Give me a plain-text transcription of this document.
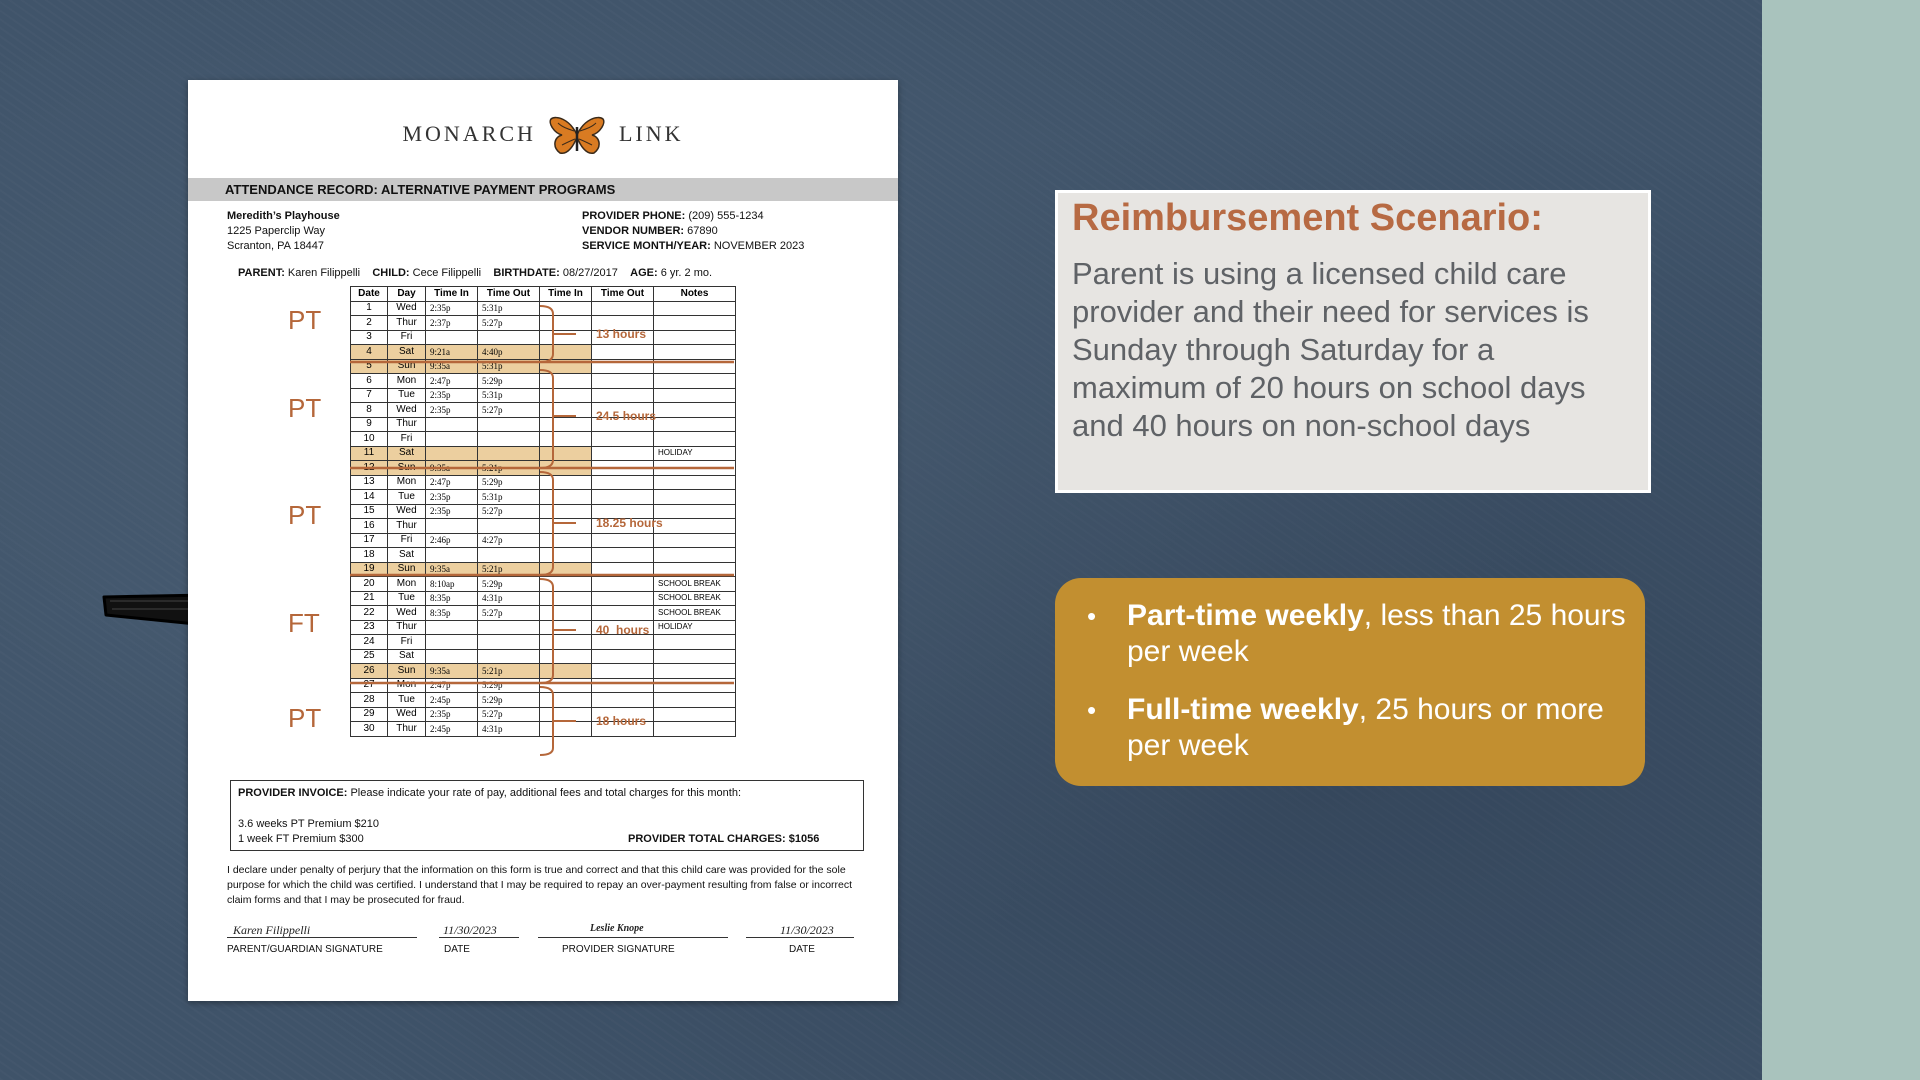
MONARCH	LINK
ATTENDANCE RECORD: ALTERNATIVE PAYMENT PROGRAMS
Meredith’s Playhouse
1225 Paperclip Way
Scranton, PA 18447
PROVIDER PHONE: (209) 555-1234
VENDOR NUMBER: 67890
SERVICE MONTH/YEAR: NOVEMBER 2023
PARENT: Karen Filippelli CHILD: Cece Filippelli BIRTHDATE: 08/27/2017 AGE: 6 yr. 2 mo.
Date	Day	Time In	Time Out	Time In	Time Out	Notes
1	Wed	2:35p	5:31p			
2	Thur	2:37p	5:27p			
3	Fri					
4	Sat	9:21a	4:40p			
5	Sun	9:35a	5:31p			
6	Mon	2:47p	5:29p			
7	Tue	2:35p	5:31p			
8	Wed	2:35p	5:27p			
9	Thur					
10	Fri					
11	Sat					HOLIDAY
12	Sun	9:35a	5:21p			
13	Mon	2:47p	5:29p			
14	Tue	2:35p	5:31p			
15	Wed	2:35p	5:27p			
16	Thur					
17	Fri	2:46p	4:27p			
18	Sat					
19	Sun	9:35a	5:21p			
20	Mon	8:10ap	5:29p			SCHOOL BREAK
21	Tue	8:35p	4:31p			SCHOOL BREAK
22	Wed	8:35p	5:27p			SCHOOL BREAK
23	Thur					HOLIDAY
24	Fri					
25	Sat					
26	Sun	9:35a	5:21p			
27	Mon	2:47p	5:29p			
28	Tue	2:45p	5:29p			
29	Wed	2:35p	5:27p			
30	Thur	2:45p	4:31p			
PT
PT
PT
FT
PT
13 hours
24.5 hours
18.25 hours
40  hours
18 hours
PROVIDER INVOICE: Please indicate your rate of pay, additional fees and total charges for this month:
3.6 weeks PT Premium $210
1 week FT Premium $300	PROVIDER TOTAL CHARGES: $1056
I declare under penalty of perjury that the information on this form is true and correct and that this child care was provided for the sole purpose for which the child was certified. I understand that I may be required to repay an over-payment resulting from false or incorrect claim forms and that I may be prosecuted for fraud.
Karen Filippelli	11/30/2023	Leslie Knope	11/30/2023
PARENT/GUARDIAN SIGNATURE	DATE	PROVIDER SIGNATURE	DATE
Reimbursement Scenario:

Parent is using a licensed child care provider and their need for services is Sunday through Saturday for a maximum of 20 hours on school days and 40 hours on non-school days

• Part-time weekly, less than 25 hours per week
• Full-time weekly, 25 hours or more per week
